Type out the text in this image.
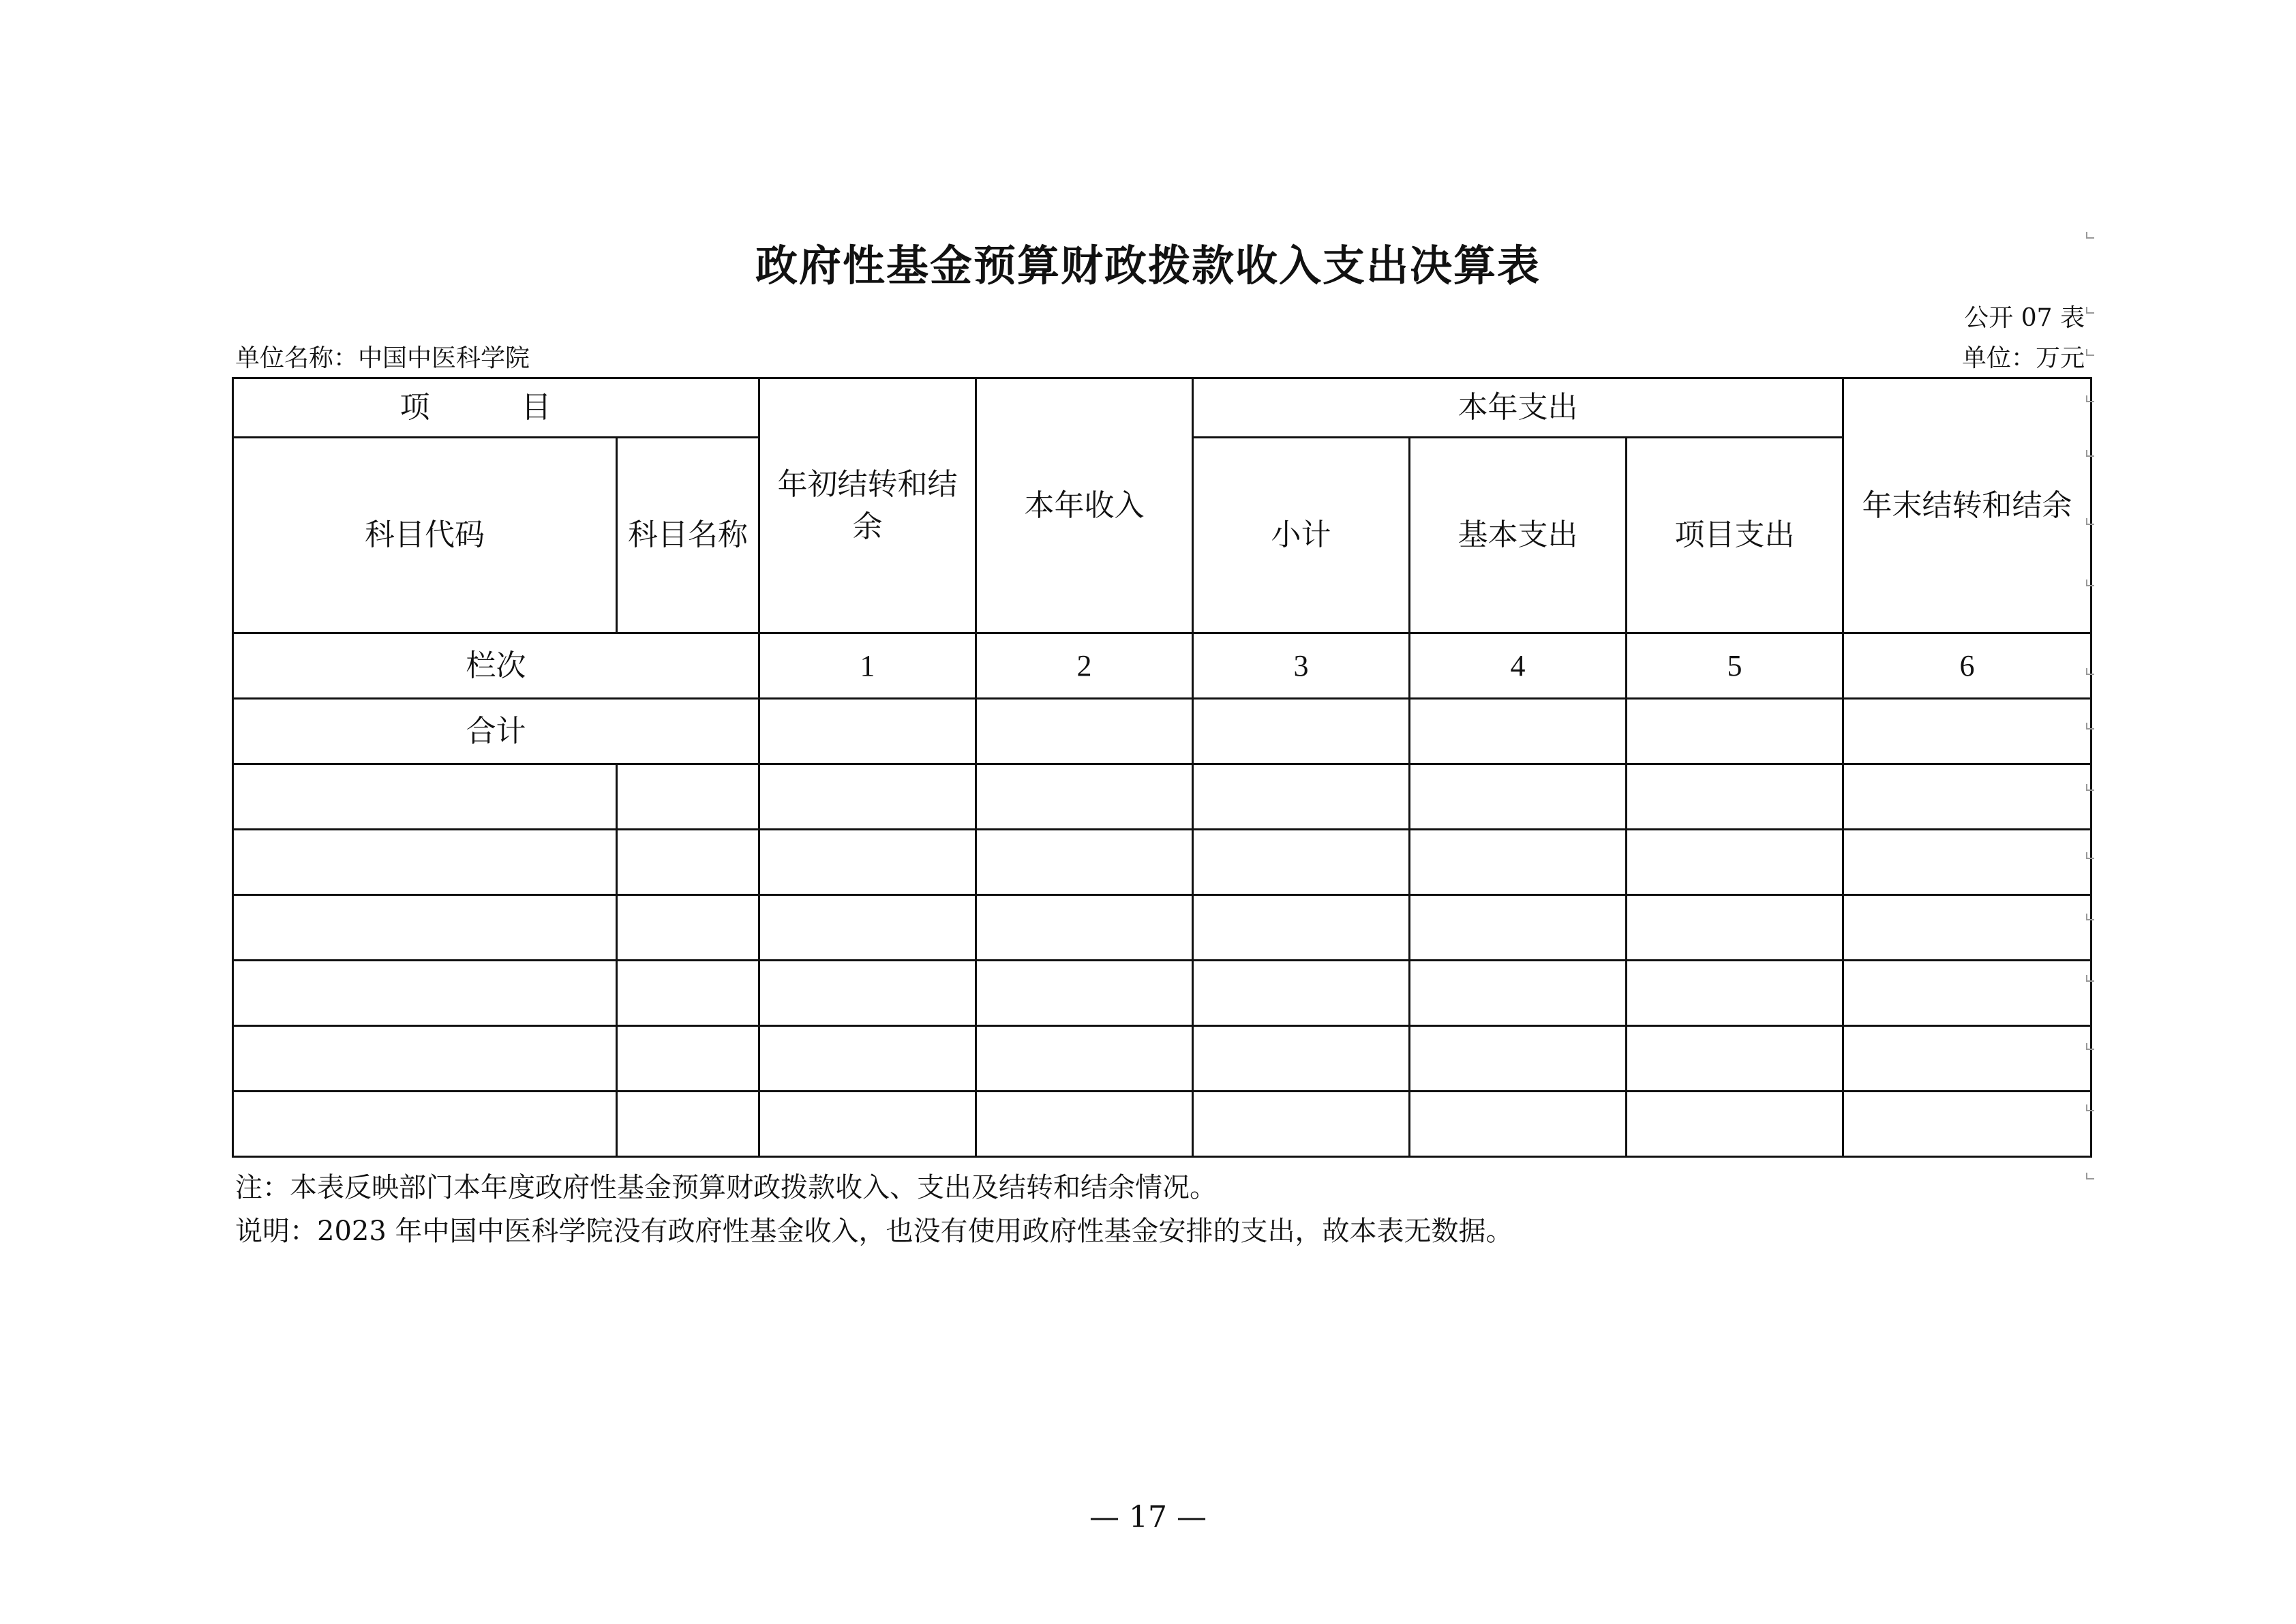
政府性基金预算财政拨款收入支出决算表
公开 07 表
单位名称：中国中医科学院	单位：万元
项 目		年初结转和结余	本年收入	本年支出			年末结转和结余
科目代码	科目名称			小计	基本支出	项目支出	
栏次		1	2	3	4	5	6
合计							

注：本表反映部门本年度政府性基金预算财政拨款收入、支出及结转和结余情况。
说明：2023 年中国中医科学院没有政府性基金收入，也没有使用政府性基金安排的支出，故本表无数据。
— 17 —
